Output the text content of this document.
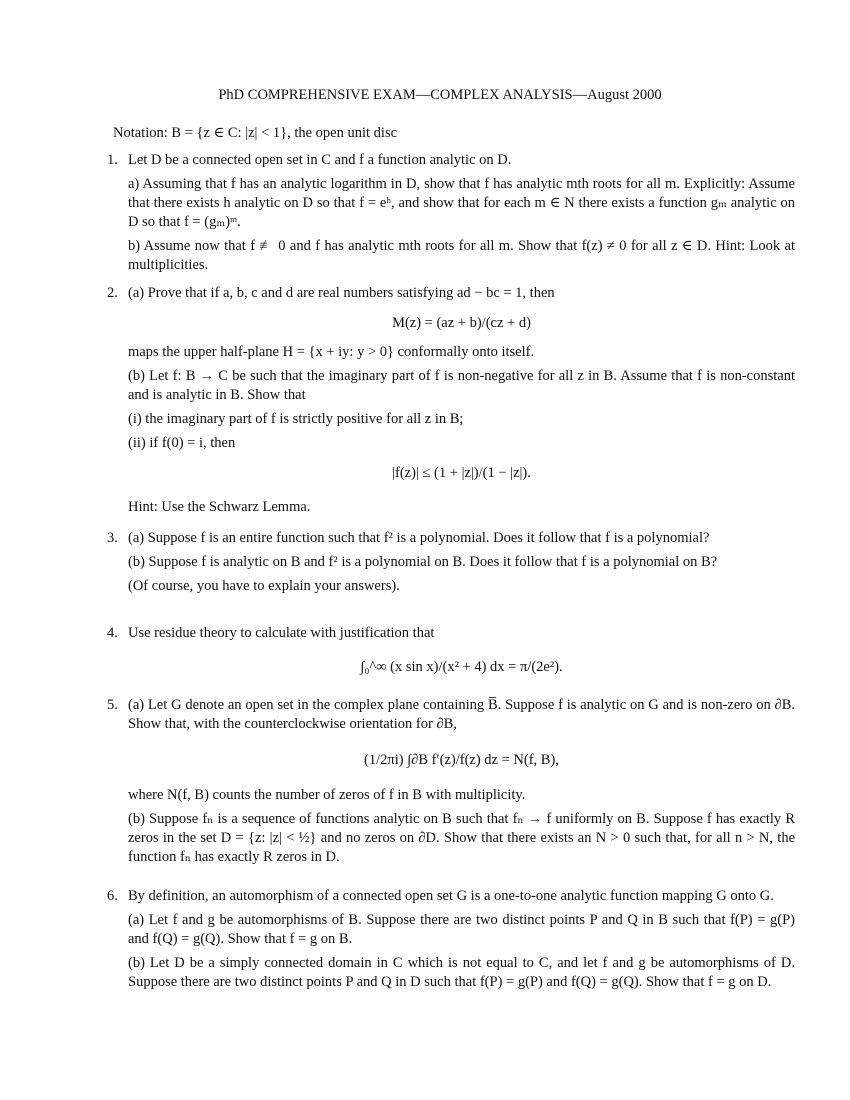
PhD COMPREHENSIVE EXAM—COMPLEX ANALYSIS—August 2000
Notation: B = {z ∈ C: |z| < 1}, the open unit disc
1. Let D be a connected open set in C and f a function analytic on D.

a) Assuming that f has an analytic logarithm in D, show that f has analytic mth roots for all m. Explicitly: Assume that there exists h analytic on D so that f = eʰ, and show that for each m ∈ N there exists a function gₘ analytic on D so that f = (gₘ)ᵐ.

b) Assume now that f ≢ 0 and f has analytic mth roots for all m. Show that f(z) ≠ 0 for all z ∈ D. Hint: Look at multiplicities.

2. (a) Prove that if a, b, c and d are real numbers satisfying ad − bc = 1, then

M(z) = (az + b)/(cz + d)

maps the upper half-plane H = {x + iy: y > 0} conformally onto itself.

(b) Let f: B → C be such that the imaginary part of f is non-negative for all z in B. Assume that f is non-constant and is analytic in B. Show that

(i) the imaginary part of f is strictly positive for all z in B;

(ii) if f(0) = i, then

|f(z)| ≤ (1 + |z|)/(1 − |z|).

Hint: Use the Schwarz Lemma.

3. (a) Suppose f is an entire function such that f² is a polynomial. Does it follow that f is a polynomial?

(b) Suppose f is analytic on B and f² is a polynomial on B. Does it follow that f is a polynomial on B?

(Of course, you have to explain your answers).

4. Use residue theory to calculate with justification that

∫₀^∞ (x sin x)/(x² + 4) dx = π/(2e²).
5. (a) Let G denote an open set in the complex plane containing B̅. Suppose f is analytic on G and is non-zero on ∂B. Show that, with the counterclockwise orientation for ∂B,

(1/2πi) ∫∂B f′(z)/f(z) dz = N(f, B),

where N(f, B) counts the number of zeros of f in B with multiplicity.

(b) Suppose fₙ is a sequence of functions analytic on B such that fₙ → f uniformly on B. Suppose f has exactly R zeros in the set D = {z: |z| < ½} and no zeros on ∂D. Show that there exists an N > 0 such that, for all n > N, the function fₙ has exactly R zeros in D.

6. By definition, an automorphism of a connected open set G is a one-to-one analytic function mapping G onto G.

(a) Let f and g be automorphisms of B. Suppose there are two distinct points P and Q in B such that f(P) = g(P) and f(Q) = g(Q). Show that f = g on B.

(b) Let D be a simply connected domain in C which is not equal to C, and let f and g be automorphisms of D. Suppose there are two distinct points P and Q in D such that f(P) = g(P) and f(Q) = g(Q). Show that f = g on D.
